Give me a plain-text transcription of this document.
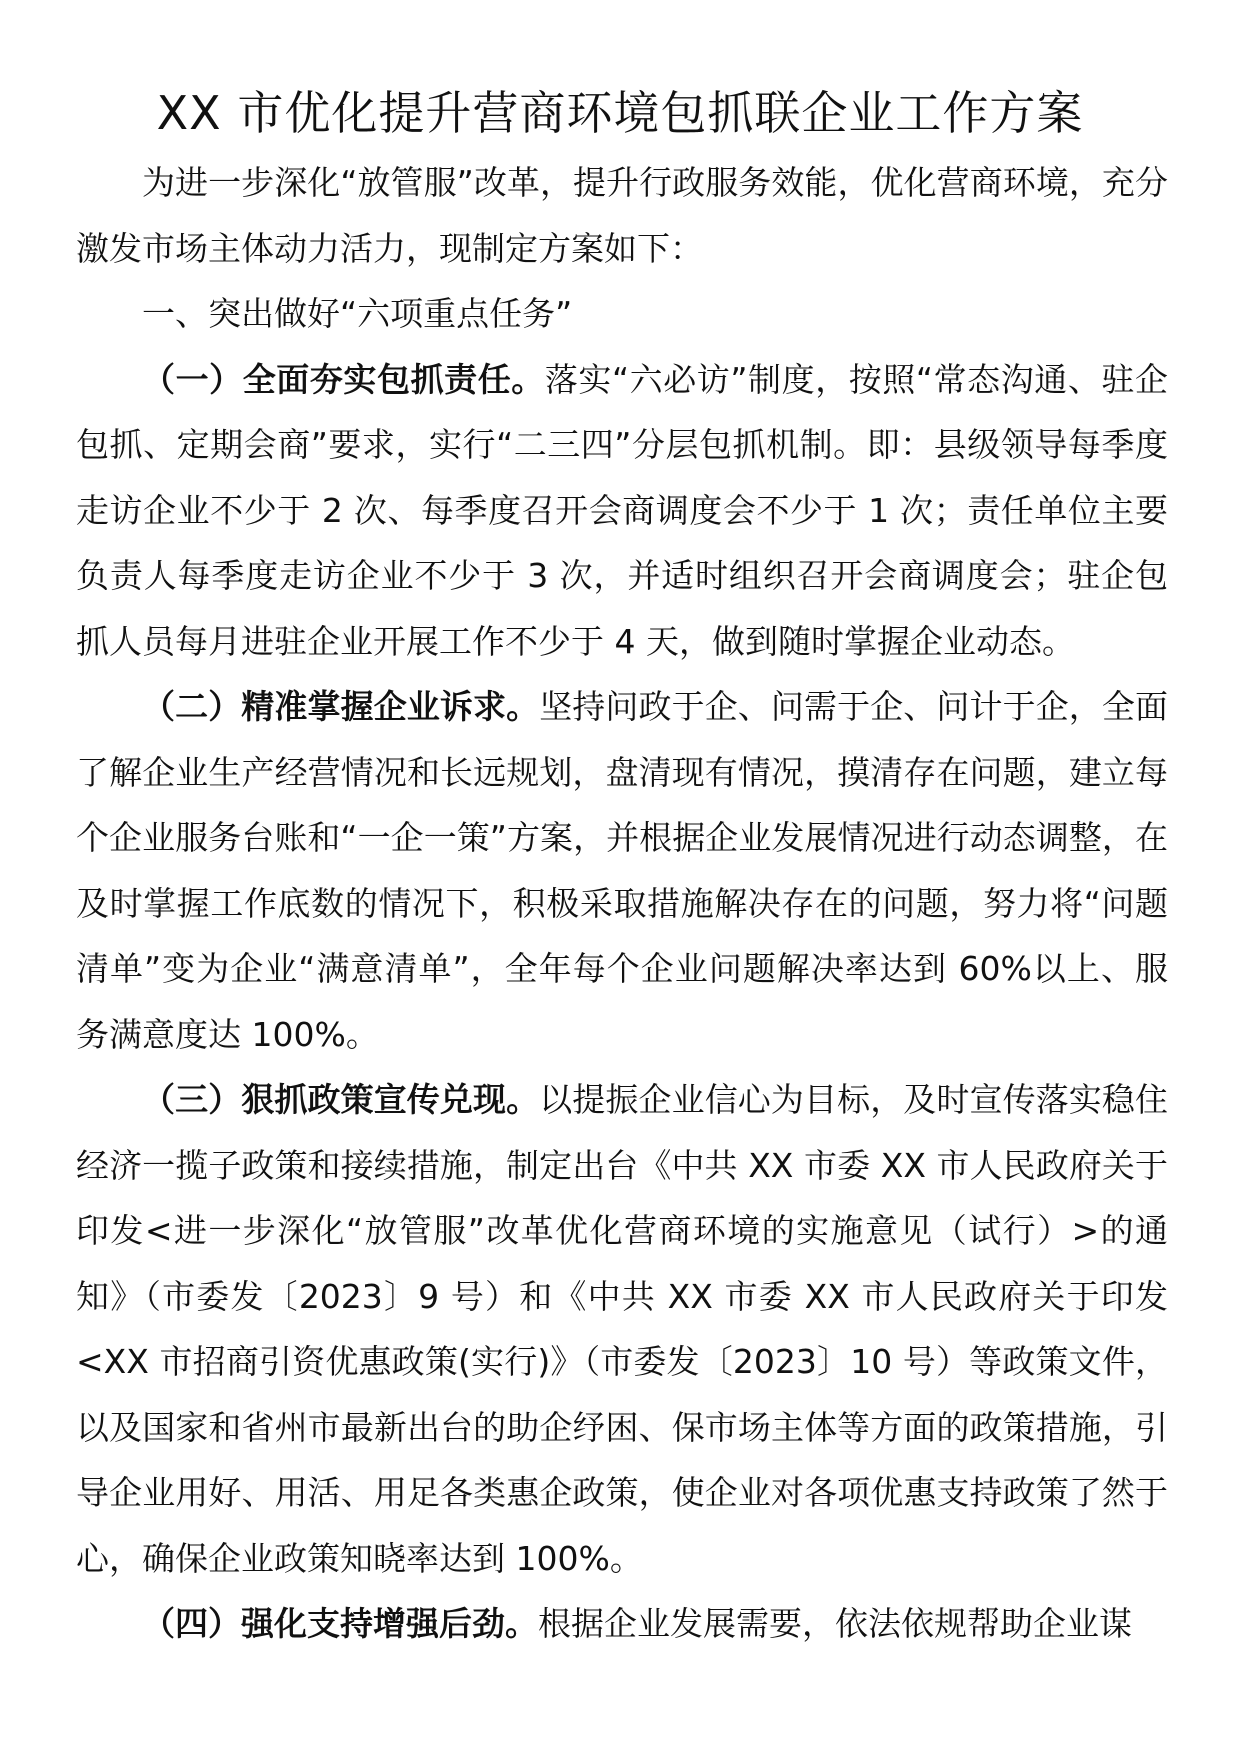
XX 市优化提升营商环境包抓联企业工作方案

为进一步深化“放管服”改革，提升行政服务效能，优化营商环境，充分激发市场主体动力活力，现制定方案如下：

一、突出做好“六项重点任务”

（一）全面夯实包抓责任。落实“六必访”制度，按照“常态沟通、驻企包抓、定期会商”要求，实行“二三四”分层包抓机制。即：县级领导每季度走访企业不少于 2 次、每季度召开会商调度会不少于 1 次；责任单位主要负责人每季度走访企业不少于 3 次，并适时组织召开会商调度会；驻企包抓人员每月进驻企业开展工作不少于 4 天，做到随时掌握企业动态。

（二）精准掌握企业诉求。坚持问政于企、问需于企、问计于企，全面了解企业生产经营情况和长远规划，盘清现有情况，摸清存在问题，建立每个企业服务台账和“一企一策”方案，并根据企业发展情况进行动态调整，在及时掌握工作底数的情况下，积极采取措施解决存在的问题，努力将“问题清单”变为企业“满意清单”，全年每个企业问题解决率达到 60%以上、服务满意度达 100%。

（三）狠抓政策宣传兑现。以提振企业信心为目标，及时宣传落实稳住经济一揽子政策和接续措施，制定出台《中共 XX 市委 XX 市人民政府关于印发<进一步深化“放管服”改革优化营商环境的实施意见（试行）>的通知》（市委发〔2023〕9 号）和《中共 XX 市委 XX 市人民政府关于印发<XX 市招商引资优惠政策(实行)》（市委发〔2023〕10 号）等政策文件，以及国家和省州市最新出台的助企纾困、保市场主体等方面的政策措施，引导企业用好、用活、用足各类惠企政策，使企业对各项优惠支持政策了然于心，确保企业政策知晓率达到 100%。

（四）强化支持增强后劲。根据企业发展需要，依法依规帮助企业谋
